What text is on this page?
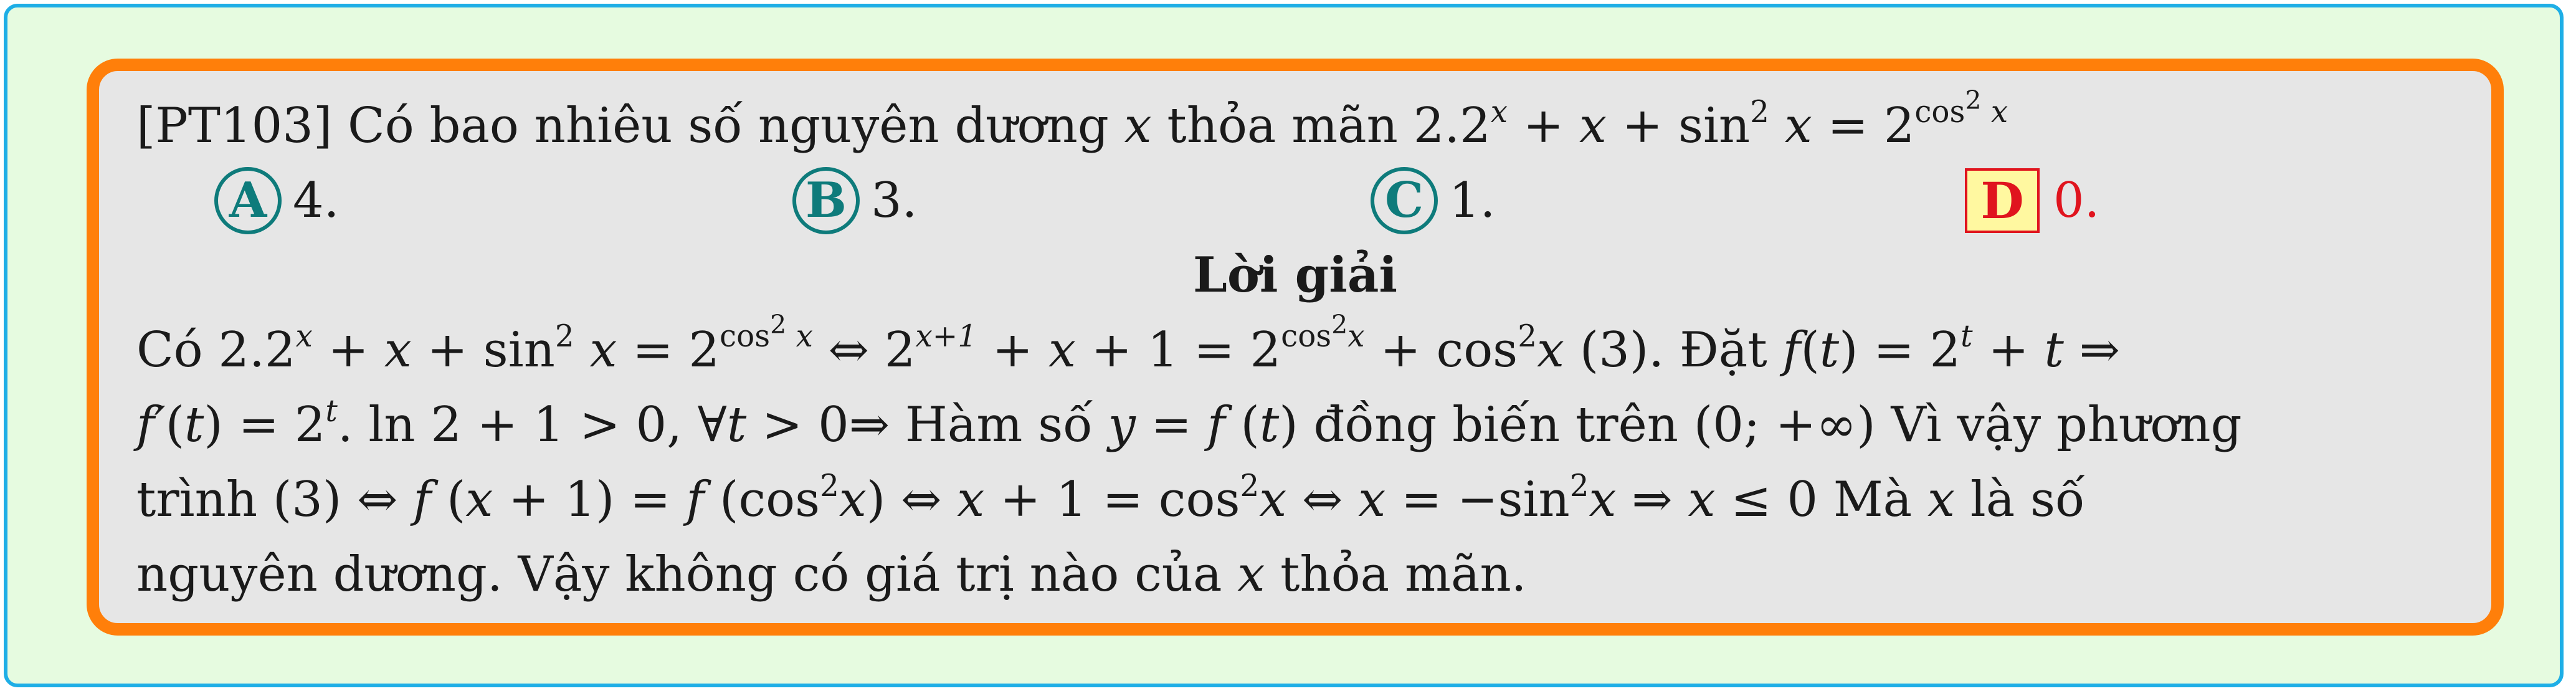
[PT103] Có bao nhiêu số nguyên dương x thỏa mãn $2.2^x + x + \sin^2 x = 2^{cos^2 x}$
A 4.	B 3.	C 1.	D 0.
Lời giải
Có $2.2^x + x + \sin^2 x = 2^{cos^2 x}$ ⇔ $2^{x+1} + x + 1 = 2^{cos^2x} + \cos^2x$ (3). Đặt $f(t) = 2^t + t$ ⇒
$f'(t) = 2^t$. ln 2 + 1 > 0, ∀t > 0⇒ Hàm số y = f (t) đồng biến trên (0; +∞) Vì vậy phương
trình (3) ⇔ f (x + 1) = f $(\cos^2x)$ ⇔ $x + 1 = \cos^2x$ ⇔ $x = -\sin^2x$ ⇒ x ≤ 0 Mà x là số
nguyên dương. Vậy không có giá trị nào của x thỏa mãn.
